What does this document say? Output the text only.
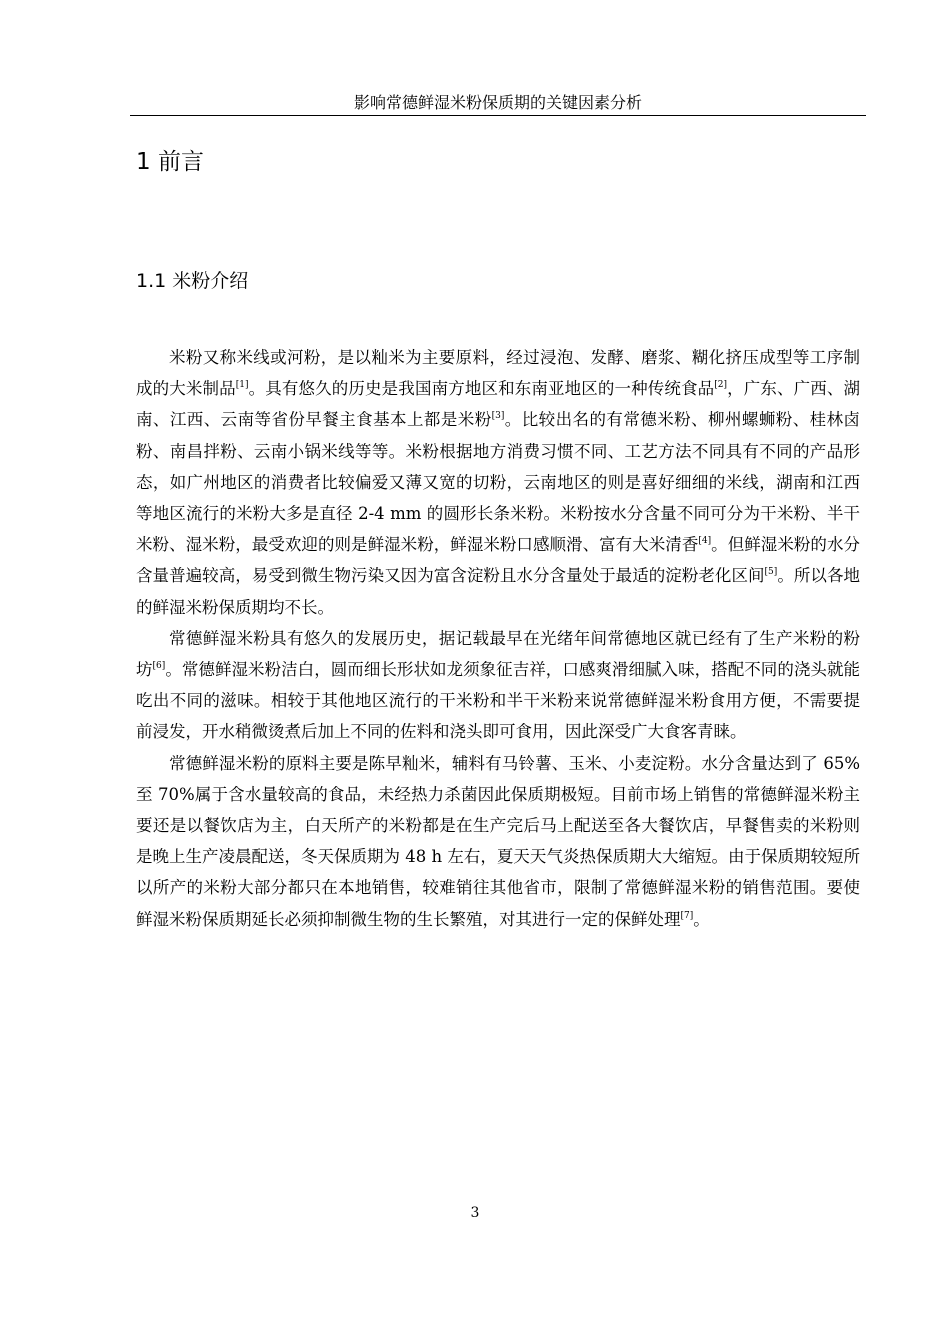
影响常德鲜湿米粉保质期的关键因素分析
1 前言
1.1 米粉介绍

米粉又称米线或河粉，是以籼米为主要原料，经过浸泡、发酵、磨浆、糊化挤压成型等工序制成的大米制品[1]。具有悠久的历史是我国南方地区和东南亚地区的一种传统食品[2]，广东、广西、湖南、江西、云南等省份早餐主食基本上都是米粉[3]。比较出名的有常德米粉、柳州螺蛳粉、桂林卤粉、南昌拌粉、云南小锅米线等等。米粉根据地方消费习惯不同、工艺方法不同具有不同的产品形态，如广州地区的消费者比较偏爱又薄又宽的切粉，云南地区的则是喜好细细的米线，湖南和江西等地区流行的米粉大多是直径 2-4 mm 的圆形长条米粉。米粉按水分含量不同可分为干米粉、半干米粉、湿米粉，最受欢迎的则是鲜湿米粉，鲜湿米粉口感顺滑、富有大米清香[4]。但鲜湿米粉的水分含量普遍较高，易受到微生物污染又因为富含淀粉且水分含量处于最适的淀粉老化区间[5]。所以各地的鲜湿米粉保质期均不长。

常德鲜湿米粉具有悠久的发展历史，据记载最早在光绪年间常德地区就已经有了生产米粉的粉坊[6]。常德鲜湿米粉洁白，圆而细长形状如龙须象征吉祥，口感爽滑细腻入味，搭配不同的浇头就能吃出不同的滋味。相较于其他地区流行的干米粉和半干米粉来说常德鲜湿米粉食用方便，不需要提前浸发，开水稍微烫煮后加上不同的佐料和浇头即可食用，因此深受广大食客青睐。

常德鲜湿米粉的原料主要是陈早籼米，辅料有马铃薯、玉米、小麦淀粉。水分含量达到了 65%至 70%属于含水量较高的食品，未经热力杀菌因此保质期极短。目前市场上销售的常德鲜湿米粉主要还是以餐饮店为主，白天所产的米粉都是在生产完后马上配送至各大餐饮店，早餐售卖的米粉则是晚上生产凌晨配送，冬天保质期为 48 h 左右，夏天天气炎热保质期大大缩短。由于保质期较短所以所产的米粉大部分都只在本地销售，较难销往其他省市，限制了常德鲜湿米粉的销售范围。要使鲜湿米粉保质期延长必须抑制微生物的生长繁殖，对其进行一定的保鲜处理[7]。

3
